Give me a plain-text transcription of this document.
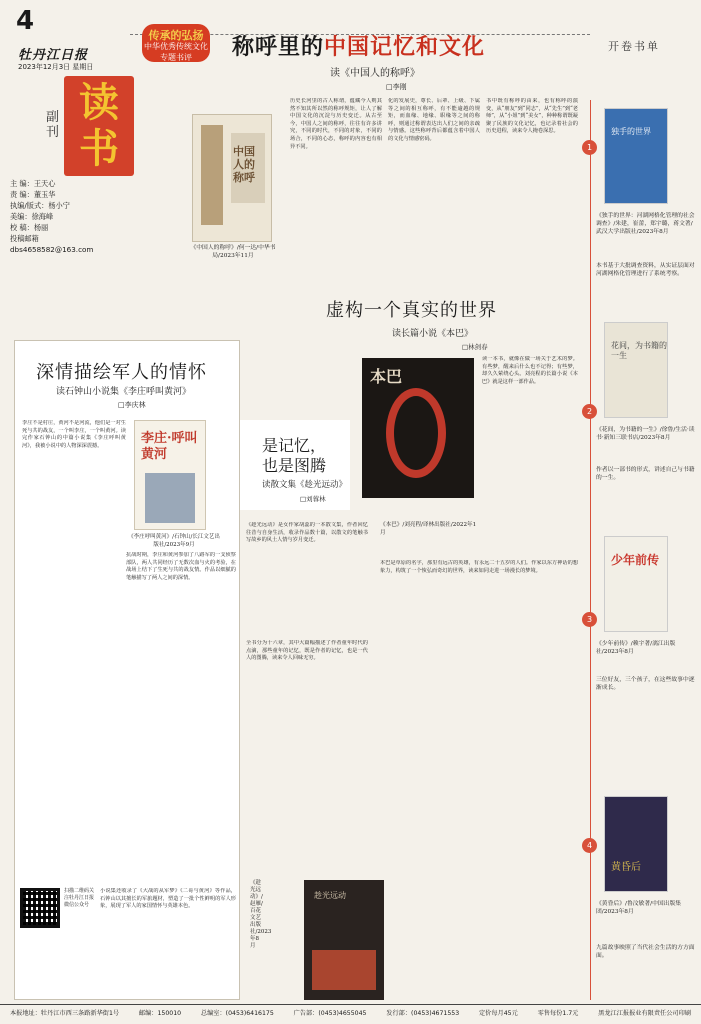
4
牡丹江日报
2023年12月3日 星期日
副刊
读书
主 编：王天心
责 编：董玉华
执编/版式：杨小宁
美编：徐海峰
校 稿：杨丽
投稿邮箱
dbs4658582@163.com
开卷书单
传承的弘扬
中华优秀传统文化专题书评	称呼里的中国记忆和文化
读《中国人的称呼》
□李刚
中国人的称呼
《中国人的称呼》/何一达/中华书局/2023年11月
历史长河里的古人称谓，蕴藏今人则其然不知其所以然的称呼规矩，让人了解中国文化的沉淀与历史变迁。从古至今，中国人之间的称呼，往往有许多讲究，不同的时代，不同的对象，不同的场合，不同的心态，称呼的内容也有相异不同。
化的发展史，尊长、后辈、上级、下属等之间的相互称呼，有不能逾越的规矩，而血缘、地缘、职缘等之间的称呼，则通过称谓表达出人们之间的亲疏与情感。这些称呼背后都蕴含着中国人的文化与情感密码。
书中既有称呼的由来，也有称呼的演变，从“朋友”到“同志”，从“先生”到“老师”，从“小姐”到“美女”，种种称谓既凝聚了民族的文化记忆，也记录着社会的历史进程，读来令人掩卷深思。
深情描绘军人的情怀
读石钟山小说集《李庄呼叫黄河》
□李庆林
李庄不是村庄，黄河不是河流，他们是一对生死与共的战友，一个叫李庄，一个叫黄河。读完作家石钟山的中篇小说集《李庄呼叫黄河》，我被小说中的人物深深震撼。
抗战时期，李庄和黄河参加了八路军的一支侦察部队，两人共同经历了无数次血与火的考验，在战场上结下了生死与共的战友情。作品以细腻的笔触描写了两人之间的深情。
小说集还收录了《大战的从军梦》《二哥与黄河》等作品，石钟山以其擅长的军旅题材，塑造了一批个性鲜明的军人形象，展现了军人的家国情怀与英雄本色。
李庄·呼叫黄河
《李庄呼叫黄河》/石钟山/长江文艺出版社/2023年9月
扫描二维码关注牡丹江日报微信公众号
是记忆，
也是图腾
读散文集《趁光远动》
□刘蓉林
《趁光远动》是女作家胡蕊的一本散文集，作者回忆往昔与自身生活，收录作品数十篇，以散文的笔触书写故乡的风土人情与岁月变迁。
全书分为十六章，其中大篇幅描述了作者童年时代的点滴，那些童年的记忆，既是作者的记忆，也是一代人的图腾，读来令人回味无穷。
趁光远动
《趁光远动》/赵雁/百花文艺出版社/2023年8月
虚构一个真实的世界
读长篇小说《本巴》
□林剑春
本巴
《本巴》/刘亮程/译林出版社/2022年1月
读一本书，就像在做一场关于艺术的梦。有些梦，醒来后什么也不记得；有些梦，却久久萦绕心头。刘亮程的长篇小说《本巴》就是这样一部作品。
本巴是草原的名字，那里有远古的英雄，有永远二十五岁的人们。作家以东方神话的想象力，构筑了一个恢弘而奇幻的世界，读来如同走进一场漫长的梦境。
1
独手的世界
《独手的世界：河湖网格化管理的社会调查》/朱建，崔蕾，郑宇璐，蒋文著/武汉大学出版社/2023年8月
本书基于大批调查资料，从实证层面对河湖网格化管理进行了系统考察。
2
花间，为书籍的一生
《花间，为书籍的一生》/徐鲁/生活·读书·新知三联书店/2023年8月
作者以一部书的形式，讲述自己与书籍的一生。
3
少年前传
《少年前传》/赖宇著/漓江出版社/2023年8月
三位好友，三个孩子，在这些故事中逐渐成长。
4
黄昏后
《黄昏后》/鲁汶敏著/中国出版集团/2023年8月
九篇故事映照了当代社会生活的方方面面。
本报地址：牡丹江市西三条路新华街1号	邮编：150010	总编室：(0453)6416175	广告部：(0453)4655045	发行部：(0453)4671553	定价每月45元	零售每份1.7元	黑龙江江报报业有限责任公司印刷
